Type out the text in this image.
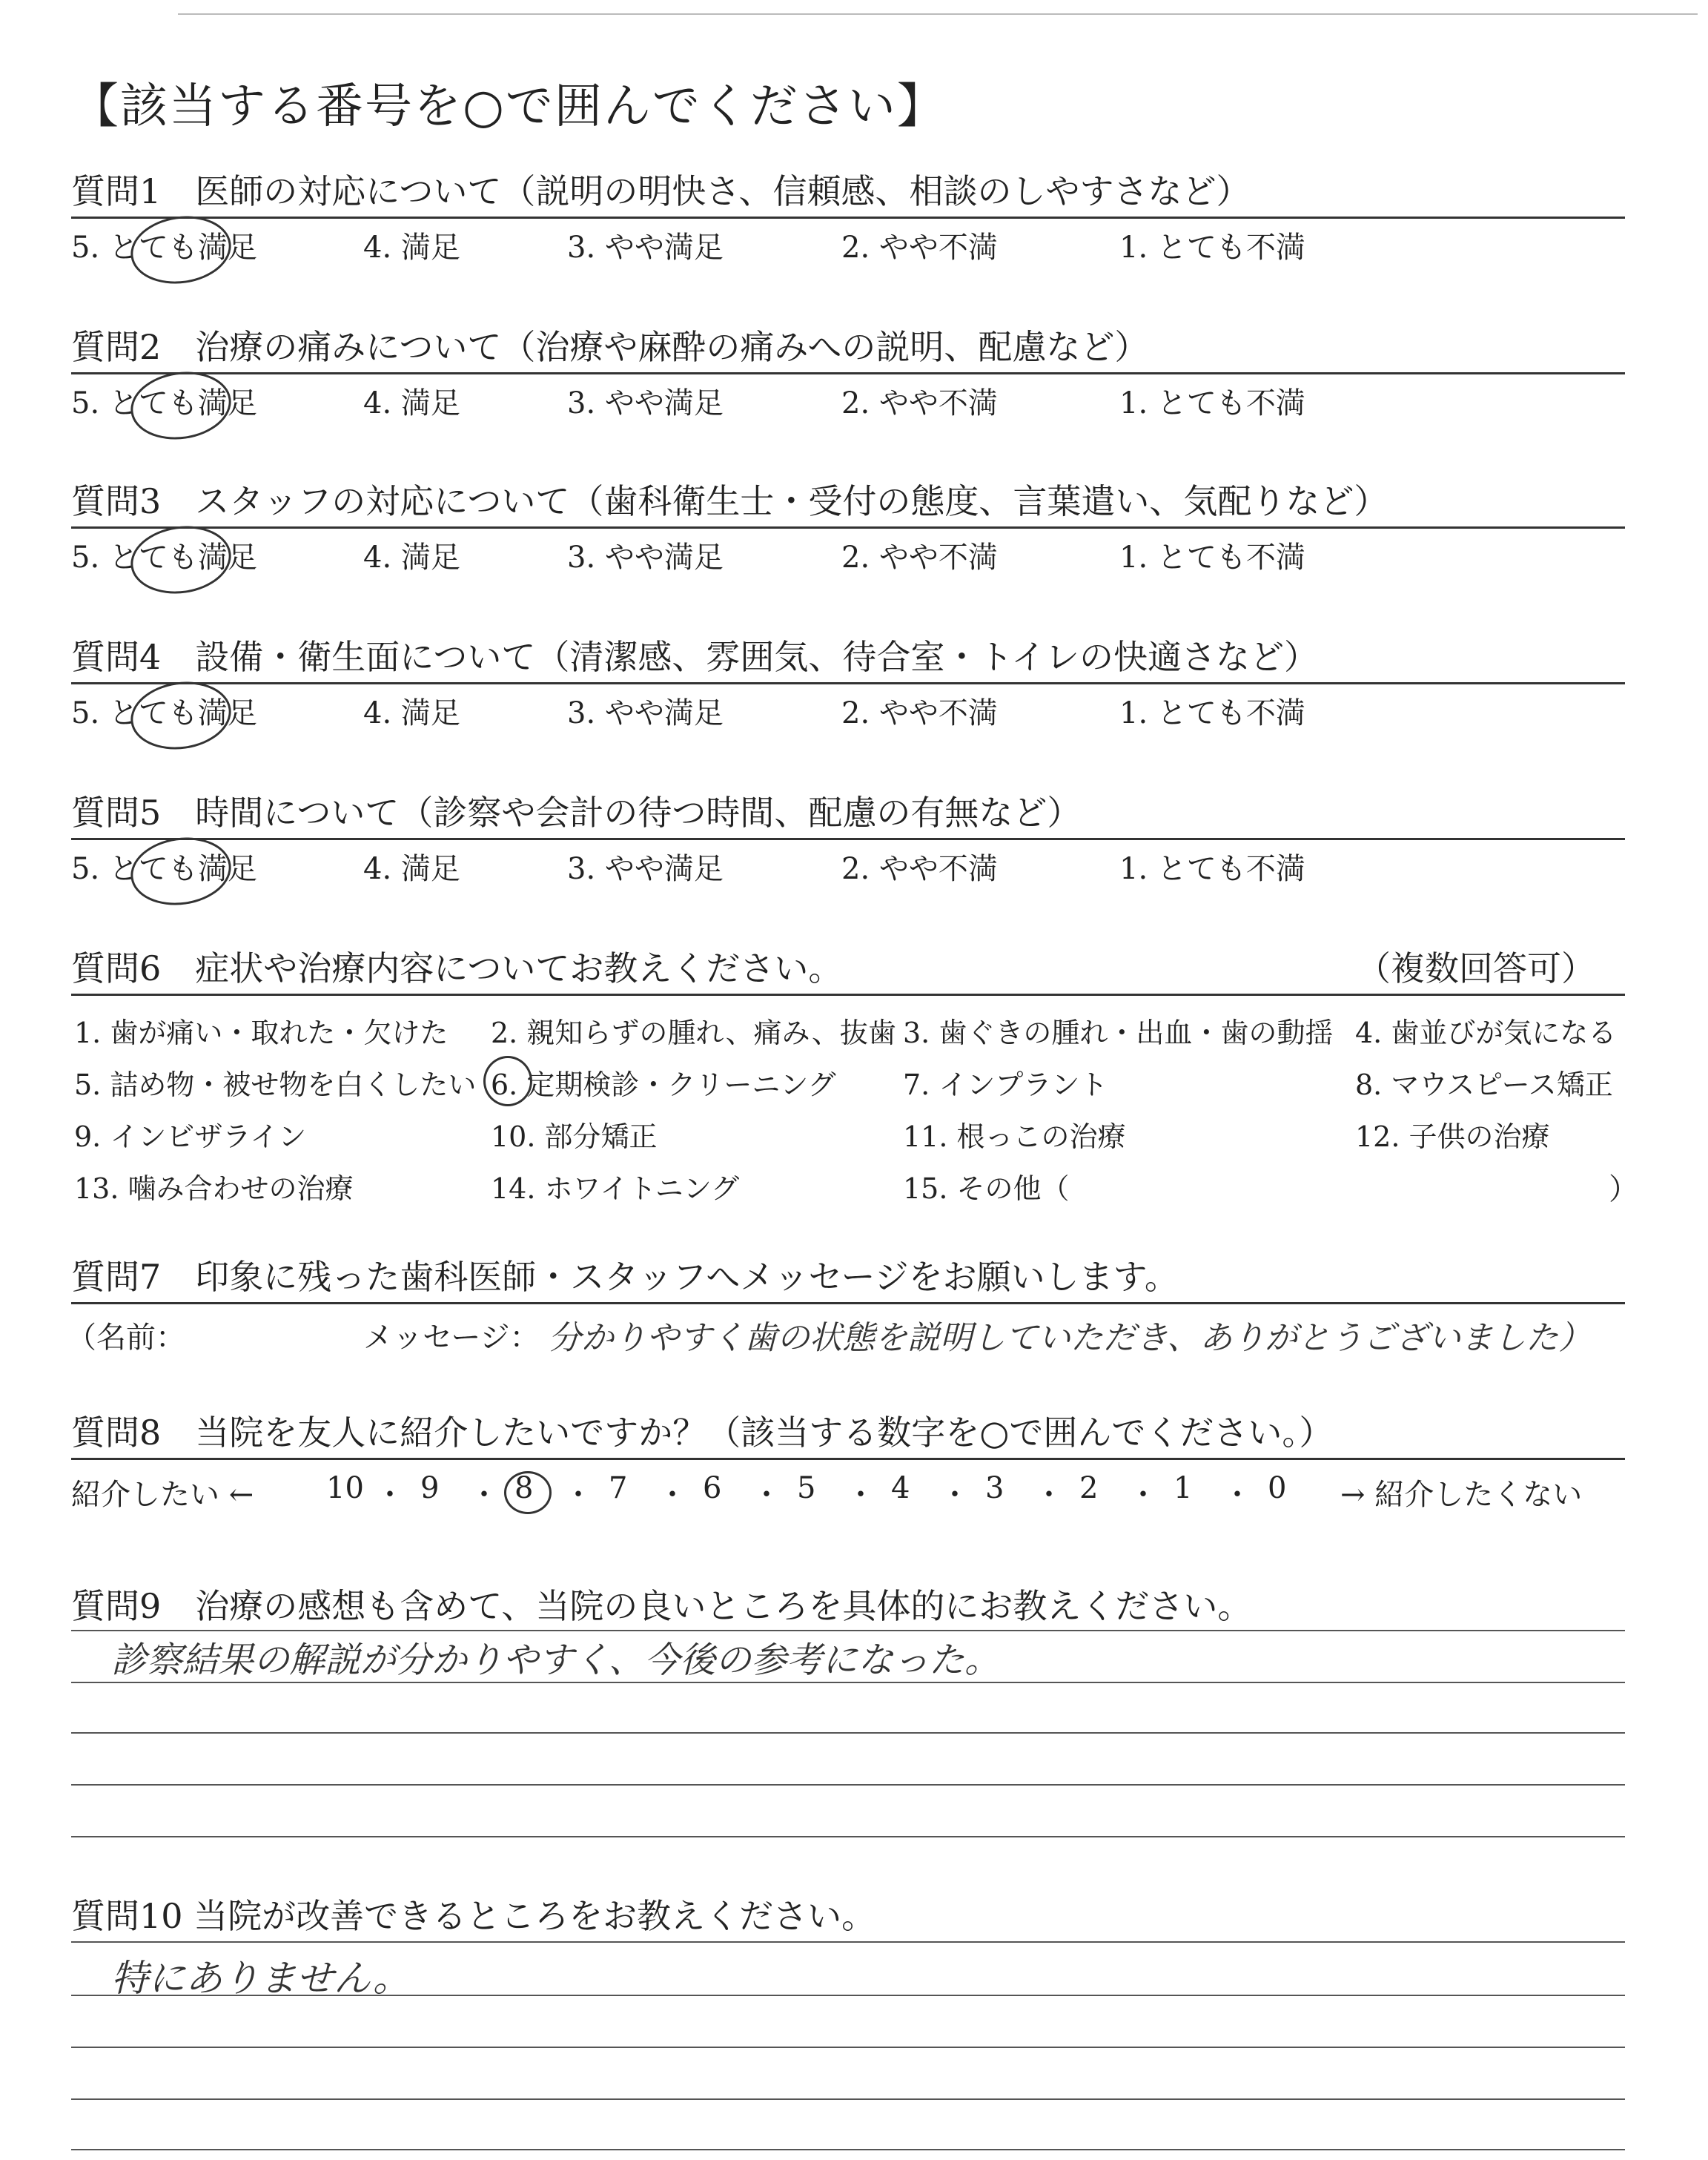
【該当する番号を○で囲んでください】
質問1　医師の対応について（説明の明快さ、信頼感、相談のしやすさなど）
5. とても満足	4. 満足	3. やや満足	2. やや不満	1. とても不満
質問2　治療の痛みについて（治療や麻酔の痛みへの説明、配慮など）
5. とても満足	4. 満足	3. やや満足	2. やや不満	1. とても不満
質問3　スタッフの対応について（歯科衛生士・受付の態度、言葉遣い、気配りなど）
5. とても満足	4. 満足	3. やや満足	2. やや不満	1. とても不満
質問4　設備・衛生面について（清潔感、雰囲気、待合室・トイレの快適さなど）
5. とても満足	4. 満足	3. やや満足	2. やや不満	1. とても不満
質問5　時間について（診察や会計の待つ時間、配慮の有無など）
5. とても満足	4. 満足	3. やや満足	2. やや不満	1. とても不満
質問6　症状や治療内容についてお教えください。	（複数回答可）
1. 歯が痛い・取れた・欠けた 2. 親知らずの腫れ、痛み、抜歯 3. 歯ぐきの腫れ・出血・歯の動揺 4. 歯並びが気になる
5. 詰め物・被せ物を白くしたい 6. 定期検診・クリーニング 7. インプラント	8. マウスピース矯正
9. インビザライン	10. 部分矯正	11. 根っこの治療	12. 子供の治療
13. 噛み合わせの治療	14. ホワイトニング	15. その他（	）
質問7　印象に残った歯科医師・スタッフへメッセージをお願いします。
（名前：	メッセージ： 分かりやすく歯の状態を説明していただき、ありがとうございました）
質問8　当院を友人に紹介したいですか？（該当する数字を○で囲んでください。）
紹介したい ←	→ 紹介したくない
10 ・ 9 ・ 8 ・ 7 ・ 6 ・ 5 ・ 4 ・ 3 ・ 2 ・ 1 ・ 0
質問9　治療の感想も含めて、当院の良いところを具体的にお教えください。
診察結果の解説が分かりやすく、今後の参考になった。
質問10 当院が改善できるところをお教えください。
特にありません。
